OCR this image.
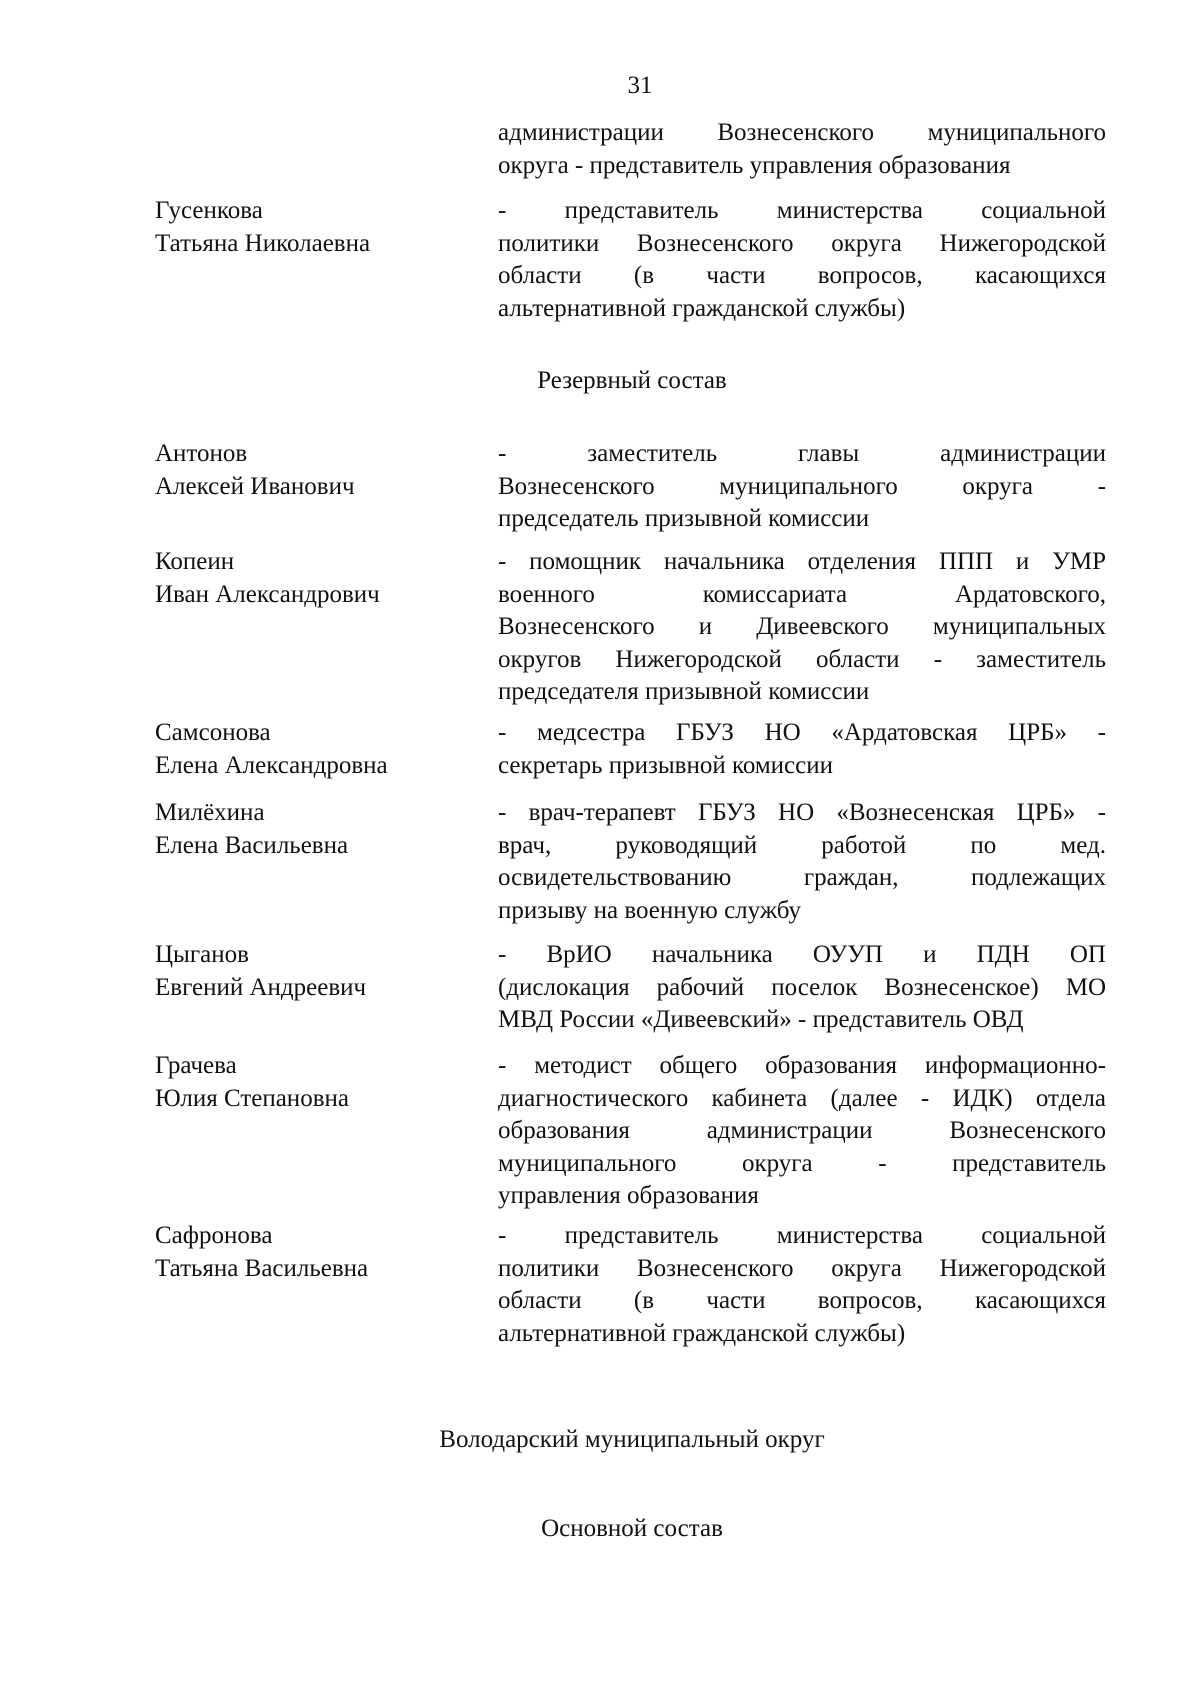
31
администрации Вознесенского муниципального
округа - представитель управления образования
Гусенкова
Татьяна Николаевна
- представитель министерства социальной
политики Вознесенского округа Нижегородской
области (в части вопросов, касающихся
альтернативной гражданской службы)
Резервный состав
Антонов
Алексей Иванович
- заместитель главы администрации
Вознесенского муниципального округа -
председатель призывной комиссии
Копеин
Иван Александрович
- помощник начальника отделения ППП и УМР
военного комиссариата Ардатовского,
Вознесенского и Дивеевского муниципальных
округов Нижегородской области - заместитель
председателя призывной комиссии
Самсонова
Елена Александровна
- медсестра ГБУЗ НО «Ардатовская ЦРБ» -
секретарь призывной комиссии
Милёхина
Елена Васильевна
- врач-терапевт ГБУЗ НО «Вознесенская ЦРБ» -
врач, руководящий работой по мед.
освидетельствованию граждан, подлежащих
призыву на военную службу
Цыганов
Евгений Андреевич
- ВрИО начальника ОУУП и ПДН ОП
(дислокация рабочий поселок Вознесенское) МО
МВД России «Дивеевский» - представитель ОВД
Грачева
Юлия Степановна
- методист общего образования информационно-
диагностического кабинета (далее - ИДК) отдела
образования администрации Вознесенского
муниципального округа - представитель
управления образования
Сафронова
Татьяна Васильевна
- представитель министерства социальной
политики Вознесенского округа Нижегородской
области (в части вопросов, касающихся
альтернативной гражданской службы)
Володарский муниципальный округ
Основной состав
